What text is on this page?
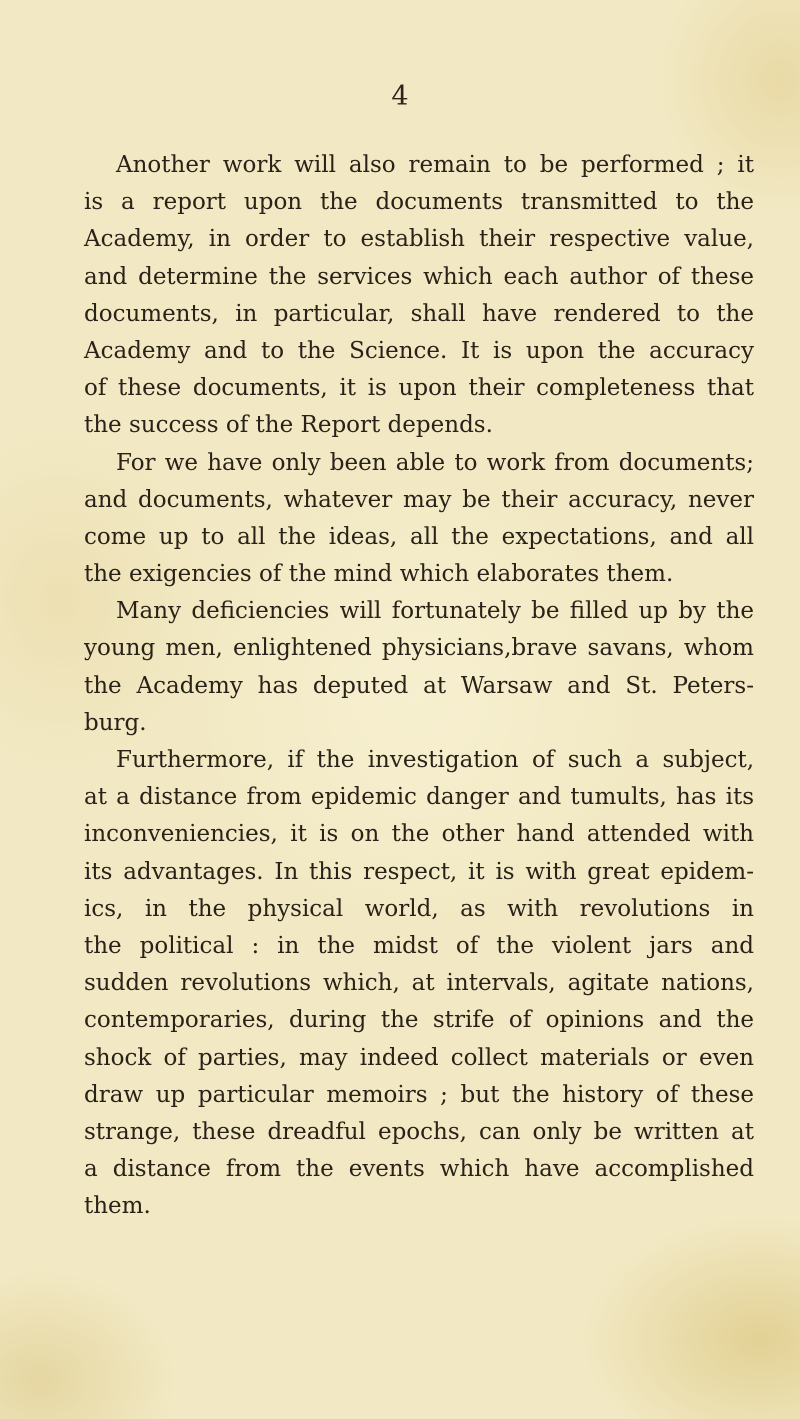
4
Another work will also remain to be performed ; it
is a report upon the documents transmitted to the
Academy, in order to establish their respective value,
and determine the services which each author of these
documents, in particular, shall have rendered to the
Academy and to the Science. It is upon the accuracy
of these documents, it is upon their completeness that
the success of the Report depends.
For we have only been able to work from documents;
and documents, whatever may be their accuracy, never
come up to all the ideas, all the expectations, and all
the exigencies of the mind which elaborates them.
Many deficiencies will fortunately be filled up by the
young men, enlightened physicians,brave savans, whom
the Academy has deputed at Warsaw and St. Peters-
burg.
Furthermore, if the investigation of such a subject,
at a distance from epidemic danger and tumults, has its
inconveniencies, it is on the other hand attended with
its advantages. In this respect, it is with great epidem-
ics, in the physical world, as with revolutions in
the political : in the midst of the violent jars and
sudden revolutions which, at intervals, agitate nations,
contemporaries, during the strife of opinions and the
shock of parties, may indeed collect materials or even
draw up particular memoirs ; but the history of these
strange, these dreadful epochs, can only be written at
a distance from the events which have accomplished
them.
